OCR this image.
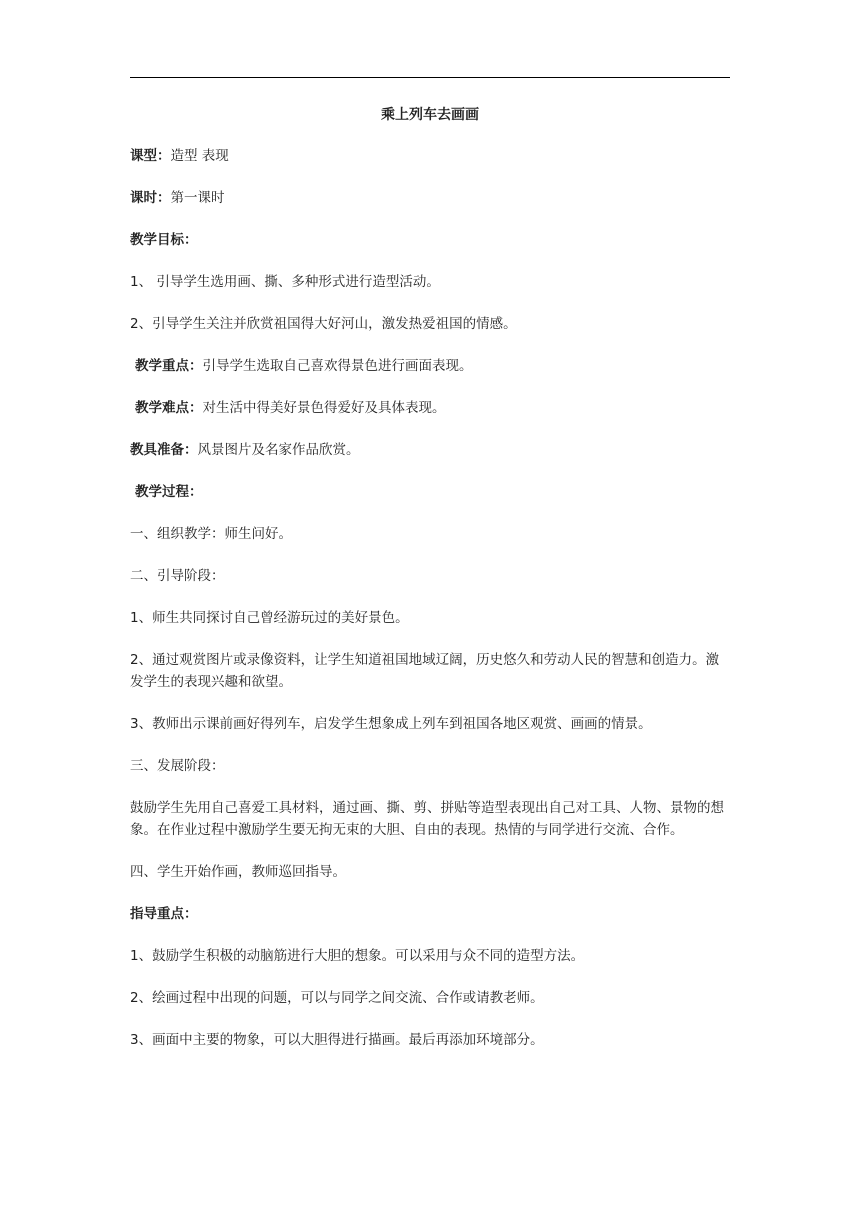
乘上列车去画画
课型：造型 表现
课时：第一课时
教学目标：
1、 引导学生选用画、撕、多种形式进行造型活动。
2、引导学生关注并欣赏祖国得大好河山，激发热爱祖国的情感。
教学重点：引导学生选取自己喜欢得景色进行画面表现。
教学难点：对生活中得美好景色得爱好及具体表现。
教具准备：风景图片及名家作品欣赏。
教学过程：
一、组织教学：师生问好。
二、引导阶段：
1、师生共同探讨自己曾经游玩过的美好景色。
2、通过观赏图片或录像资料，让学生知道祖国地域辽阔，历史悠久和劳动人民的智慧和创造力。激发学生的表现兴趣和欲望。
3、教师出示课前画好得列车，启发学生想象成上列车到祖国各地区观赏、画画的情景。
三、发展阶段：
鼓励学生先用自己喜爱工具材料，通过画、撕、剪、拼贴等造型表现出自己对工具、人物、景物的想象。在作业过程中激励学生要无拘无束的大胆、自由的表现。热情的与同学进行交流、合作。
四、学生开始作画，教师巡回指导。
指导重点：
1、鼓励学生积极的动脑筋进行大胆的想象。可以采用与众不同的造型方法。
2、绘画过程中出现的问题，可以与同学之间交流、合作或请教老师。
3、画面中主要的物象，可以大胆得进行描画。最后再添加环境部分。
